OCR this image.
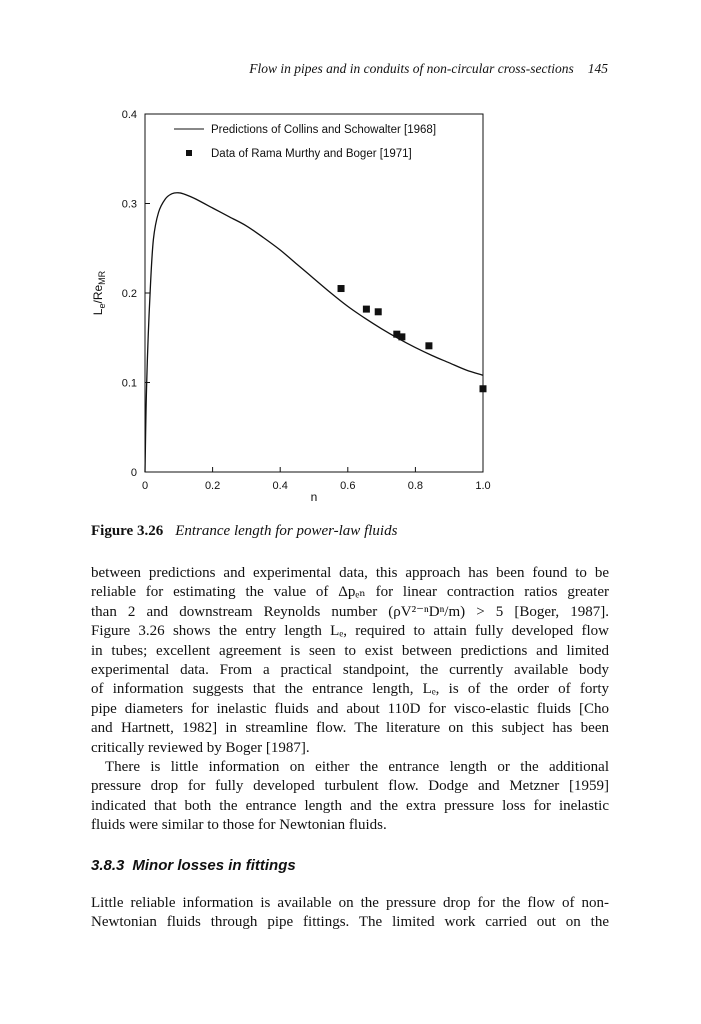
Flow in pipes and in conduits of non-circular cross-sections 145
0
0.1
0.2
0.3
0.4
0	0.2	0.4	0.6	0.8	1.0
n
$L_e/Re_{MR}$
Predictions of Collins and Schowalter [1968]
Data of Rama Murthy and Boger [1971]
Figure 3.26 Entrance length for power-law fluids
between predictions and experimental data, this approach has been found to be
reliable for estimating the value of Δpₑₙ for linear contraction ratios greater
than 2 and downstream Reynolds number (ρV²⁻ⁿDⁿ/m) > 5 [Boger, 1987].
Figure 3.26 shows the entry length Lₑ, required to attain fully developed flow
in tubes; excellent agreement is seen to exist between predictions and limited
experimental data. From a practical standpoint, the currently available body
of information suggests that the entrance length, Lₑ, is of the order of forty
pipe diameters for inelastic fluids and about 110D for visco-elastic fluids [Cho
and Hartnett, 1982] in streamline flow. The literature on this subject has been
critically reviewed by Boger [1987].
There is little information on either the entrance length or the additional
pressure drop for fully developed turbulent flow. Dodge and Metzner [1959]
indicated that both the entrance length and the extra pressure loss for inelastic
fluids were similar to those for Newtonian fluids.
3.8.3 Minor losses in fittings
Little reliable information is available on the pressure drop for the flow of non-
Newtonian fluids through pipe fittings. The limited work carried out on the
